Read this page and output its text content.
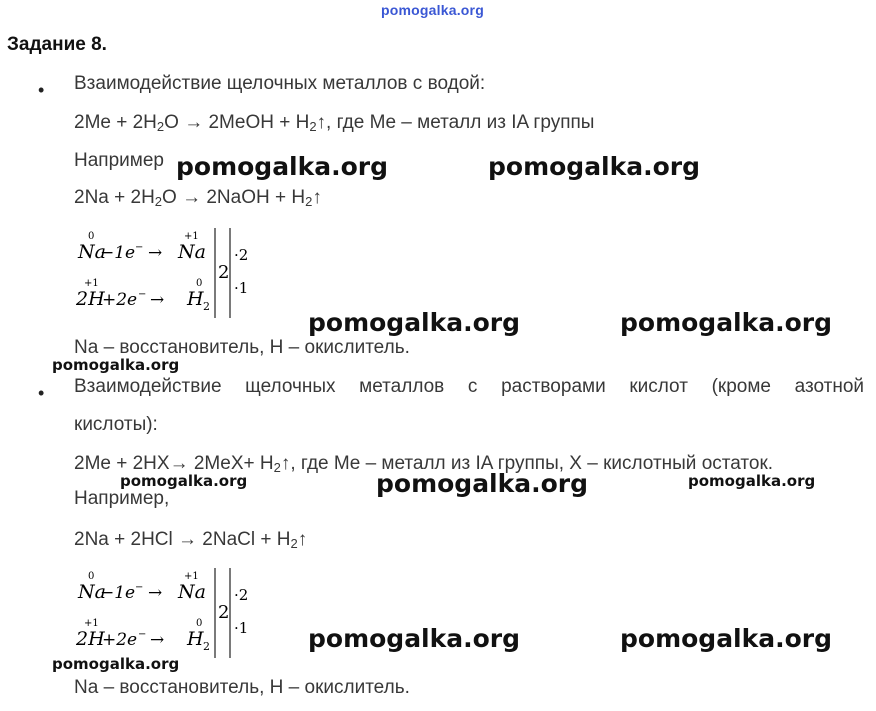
pomogalka.org
Задание 8.
• Взаимодействие щелочных металлов с водой:
$2Me + 2H_2O$ → 2MeOH + $H_2↑$, где Me – металл из IA группы
Например pomogalka.org	pomogalka.org
$2Na + 2H_2O$ → 2NaOH + $H_2↑$
0
Na
−1e − →
+1
Na
+1
2H
+2e − →
0
H 2
2
·2
·1
pomogalka.org	pomogalka.org
Na – восстановитель, H – окислитель.
pomogalka.org
• Взаимодействие щелочных металлов с растворами кислот (кроме азотной
кислоты):
$2Me + 2HX\to 2MeX+ H_2↑$, где Me – металл из IA группы, X – кислотный остаток.
pomogalka.org	pomogalka.org	pomogalka.org
Например,
2Na + 2HCl → 2NaCl + $H_2↑$
0
Na
−1e − →
+1
Na
+1
2H
+2e − →
0
H 2
2
·2
·1 pomogalka.org	pomogalka.org
pomogalka.org
Na – восстановитель, H – окислитель.
